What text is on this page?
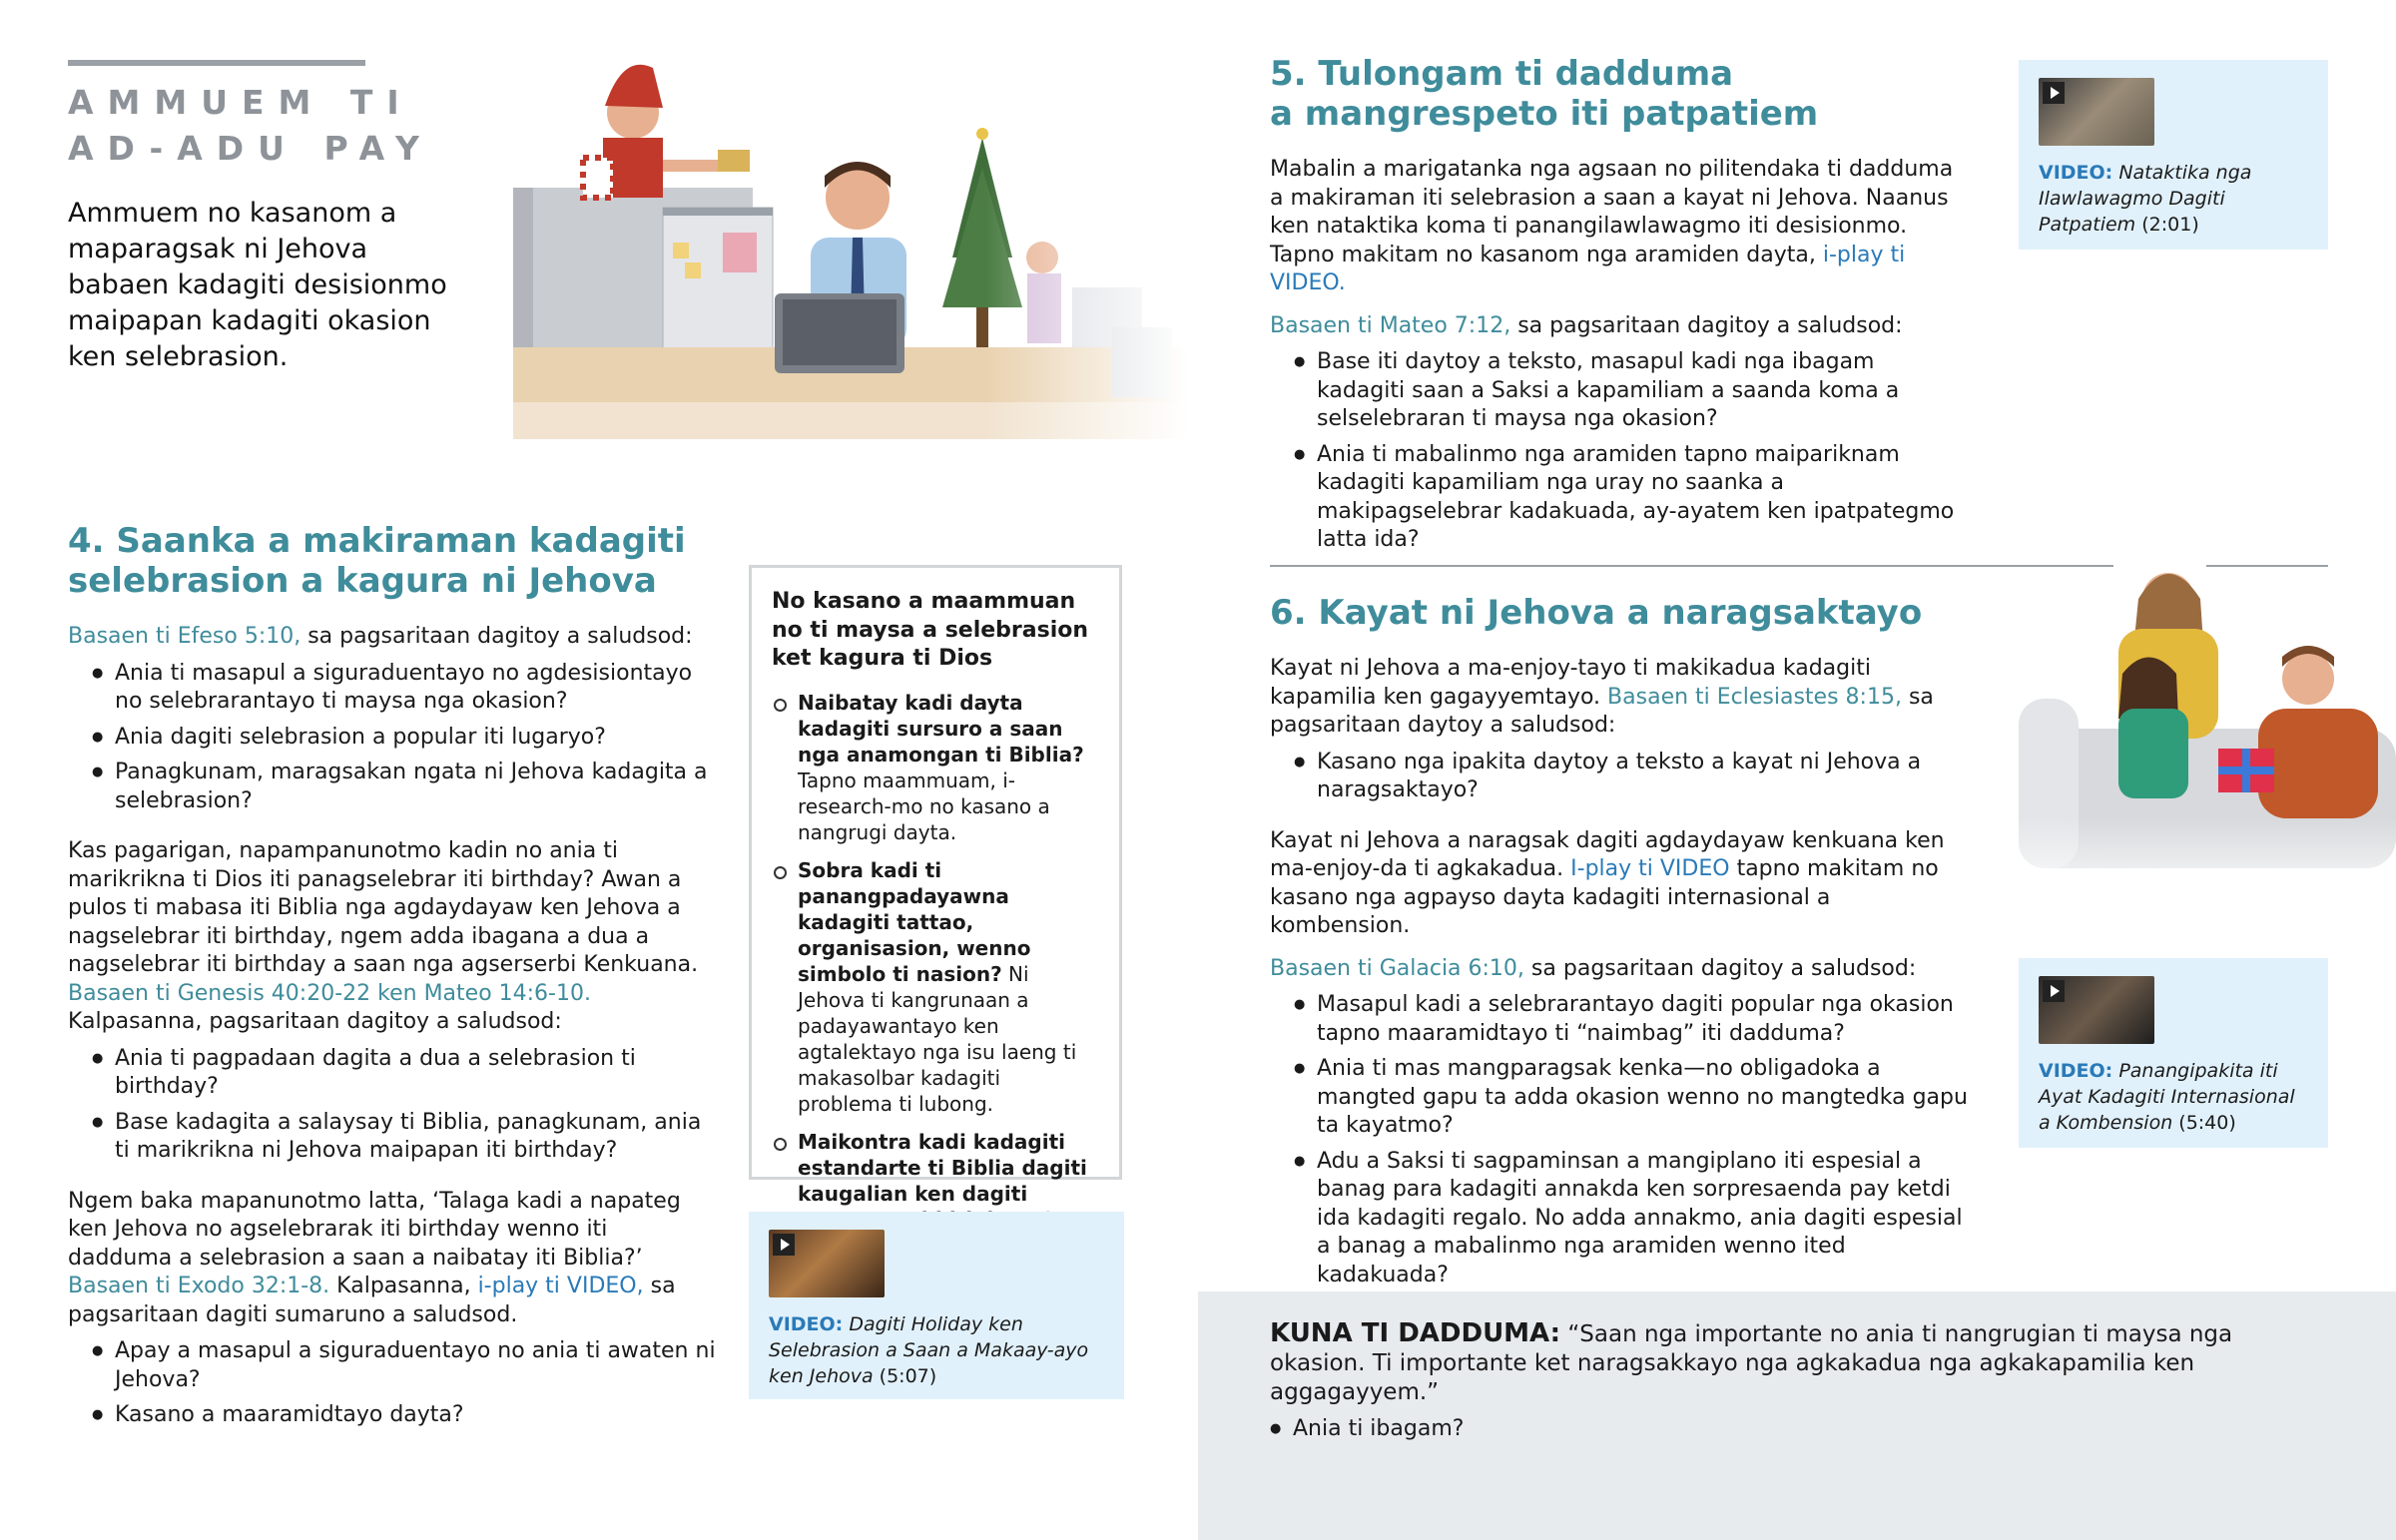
AMMUEM TI
AD-ADU PAY
Ammuem no kasanom a maparagsak ni Jehova babaen kadagiti desisionmo maipapan kadagiti okasion ken selebrasion.
4. Saanka a makiraman kadagiti
selebrasion a kagura ni Jehova

Basaen ti Efeso 5:10, sa pagsaritaan dagitoy a saludsod:

● Ania ti masapul a siguraduentayo no agdesisiontayo no selebrarantayo ti maysa nga okasion?
● Ania dagiti selebrasion a popular iti lugaryo?
● Panagkunam, maragsakan ngata ni Jehova kadagita a selebrasion?

Kas pagarigan, napampanunotmo kadin no ania ti marikrikna ti Dios iti panagselebrar iti birthday? Awan a pulos ti mabasa iti Biblia nga agdaydayaw ken Jehova a nagselebrar iti birthday, ngem adda ibagana a dua a nagselebrar iti birthday a saan nga agserserbi Kenkuana. Basaen ti Genesis 40:20-22 ken Mateo 14:6-10. Kalpasanna, pagsaritaan dagitoy a saludsod:

● Ania ti pagpadaan dagita a dua a selebrasion ti birthday?
● Base kadagita a salaysay ti Biblia, panagkunam, ania ti marikrikna ni Jehova maipapan iti birthday?

Ngem baka mapanunotmo latta, ‘Talaga kadi a napateg ken Jehova no agselebrarak iti birthday wenno iti dadduma a selebrasion a saan a naibatay iti Biblia?’ Basaen ti Exodo 32:1-8. Kalpasanna, i-play ti VIDEO, sa pagsaritaan dagiti sumaruno a saludsod.

● Apay a masapul a siguraduentayo no ania ti awaten ni Jehova?
● Kasano a maaramidtayo dayta?
No kasano a maammuan no ti maysa a selebrasion ket kagura ti Dios
Naibatay kadi dayta kadagiti sursuro a saan nga anamongan ti Biblia? Tapno maammuam, i-research-mo no kasano a nangrugi dayta.
Sobra kadi ti panangpadayawna kadagiti tattao, organisasion, wenno simbolo ti nasion? Ni Jehova ti kangrunaan a padayawantayo ken agtalektayo nga isu laeng ti makasolbar kadagiti problema ti lubong.
Maikontra kadi kadagiti estandarte ti Biblia dagiti kaugalian ken dagiti
VIDEO: Dagiti Holiday ken Selebrasion a Saan a Makaay-ayo ken Jehova (5:07)
5. Tulongam ti dadduma
a mangrespeto iti patpatiem

Mabalin a marigatanka nga agsaan no pilitendaka ti dadduma a makiraman iti selebrasion a saan a kayat ni Jehova. Naanus ken nataktika koma ti panangilawlawagmo iti desisionmo. Tapno makitam no kasanom nga aramiden dayta, i-play ti VIDEO.

Basaen ti Mateo 7:12, sa pagsaritaan dagitoy a saludsod:

● Base iti daytoy a teksto, masapul kadi nga ibagam kadagiti saan a Saksi a kapamiliam a saanda koma a selselebraran ti maysa nga okasion?
● Ania ti mabalinmo nga aramiden tapno maipariknam kadagiti kapamiliam nga uray no saanka a makipagselebrar kadakuada, ay-ayatem ken ipatpategmo latta ida?
VIDEO: Nataktika nga Ilawlawagmo Dagiti Patpatiem (2:01)
6. Kayat ni Jehova a naragsaktayo

Kayat ni Jehova a ma-enjoy-tayo ti makikadua kadagiti kapamilia ken gagayyemtayo. Basaen ti Eclesiastes 8:15, sa pagsaritaan daytoy a saludsod:

● Kasano nga ipakita daytoy a teksto a kayat ni Jehova a naragsaktayo?

Kayat ni Jehova a naragsak dagiti agdaydayaw kenkuana ken ma-enjoy-da ti agkakadua. I-play ti VIDEO tapno makitam no kasano nga agpayso dayta kadagiti internasional a kombension.

Basaen ti Galacia 6:10, sa pagsaritaan dagitoy a saludsod:

● Masapul kadi a selebrarantayo dagiti popular nga okasion tapno maaramidtayo ti “naimbag” iti dadduma?
● Ania ti mas mangparagsak kenka—no obligadoka a mangted gapu ta adda okasion wenno no mangtedka gapu ta kayatmo?
● Adu a Saksi ti sagpaminsan a mangiplano iti espesial a banag para kadagiti annakda ken sorpresaenda pay ketdi ida kadagiti regalo. No adda annakmo, ania dagiti espesial a banag a mabalinmo nga aramiden wenno ited kadakuada?
VIDEO: Panangipakita iti Ayat Kadagiti Internasional a Kombension (5:40)
KUNA TI DADDUMA: “Saan nga importante no ania ti nangrugian ti maysa nga okasion. Ti importante ket naragsakkayo nga agkakadua nga agkakapamilia ken aggagayyem.”
● Ania ti ibagam?
